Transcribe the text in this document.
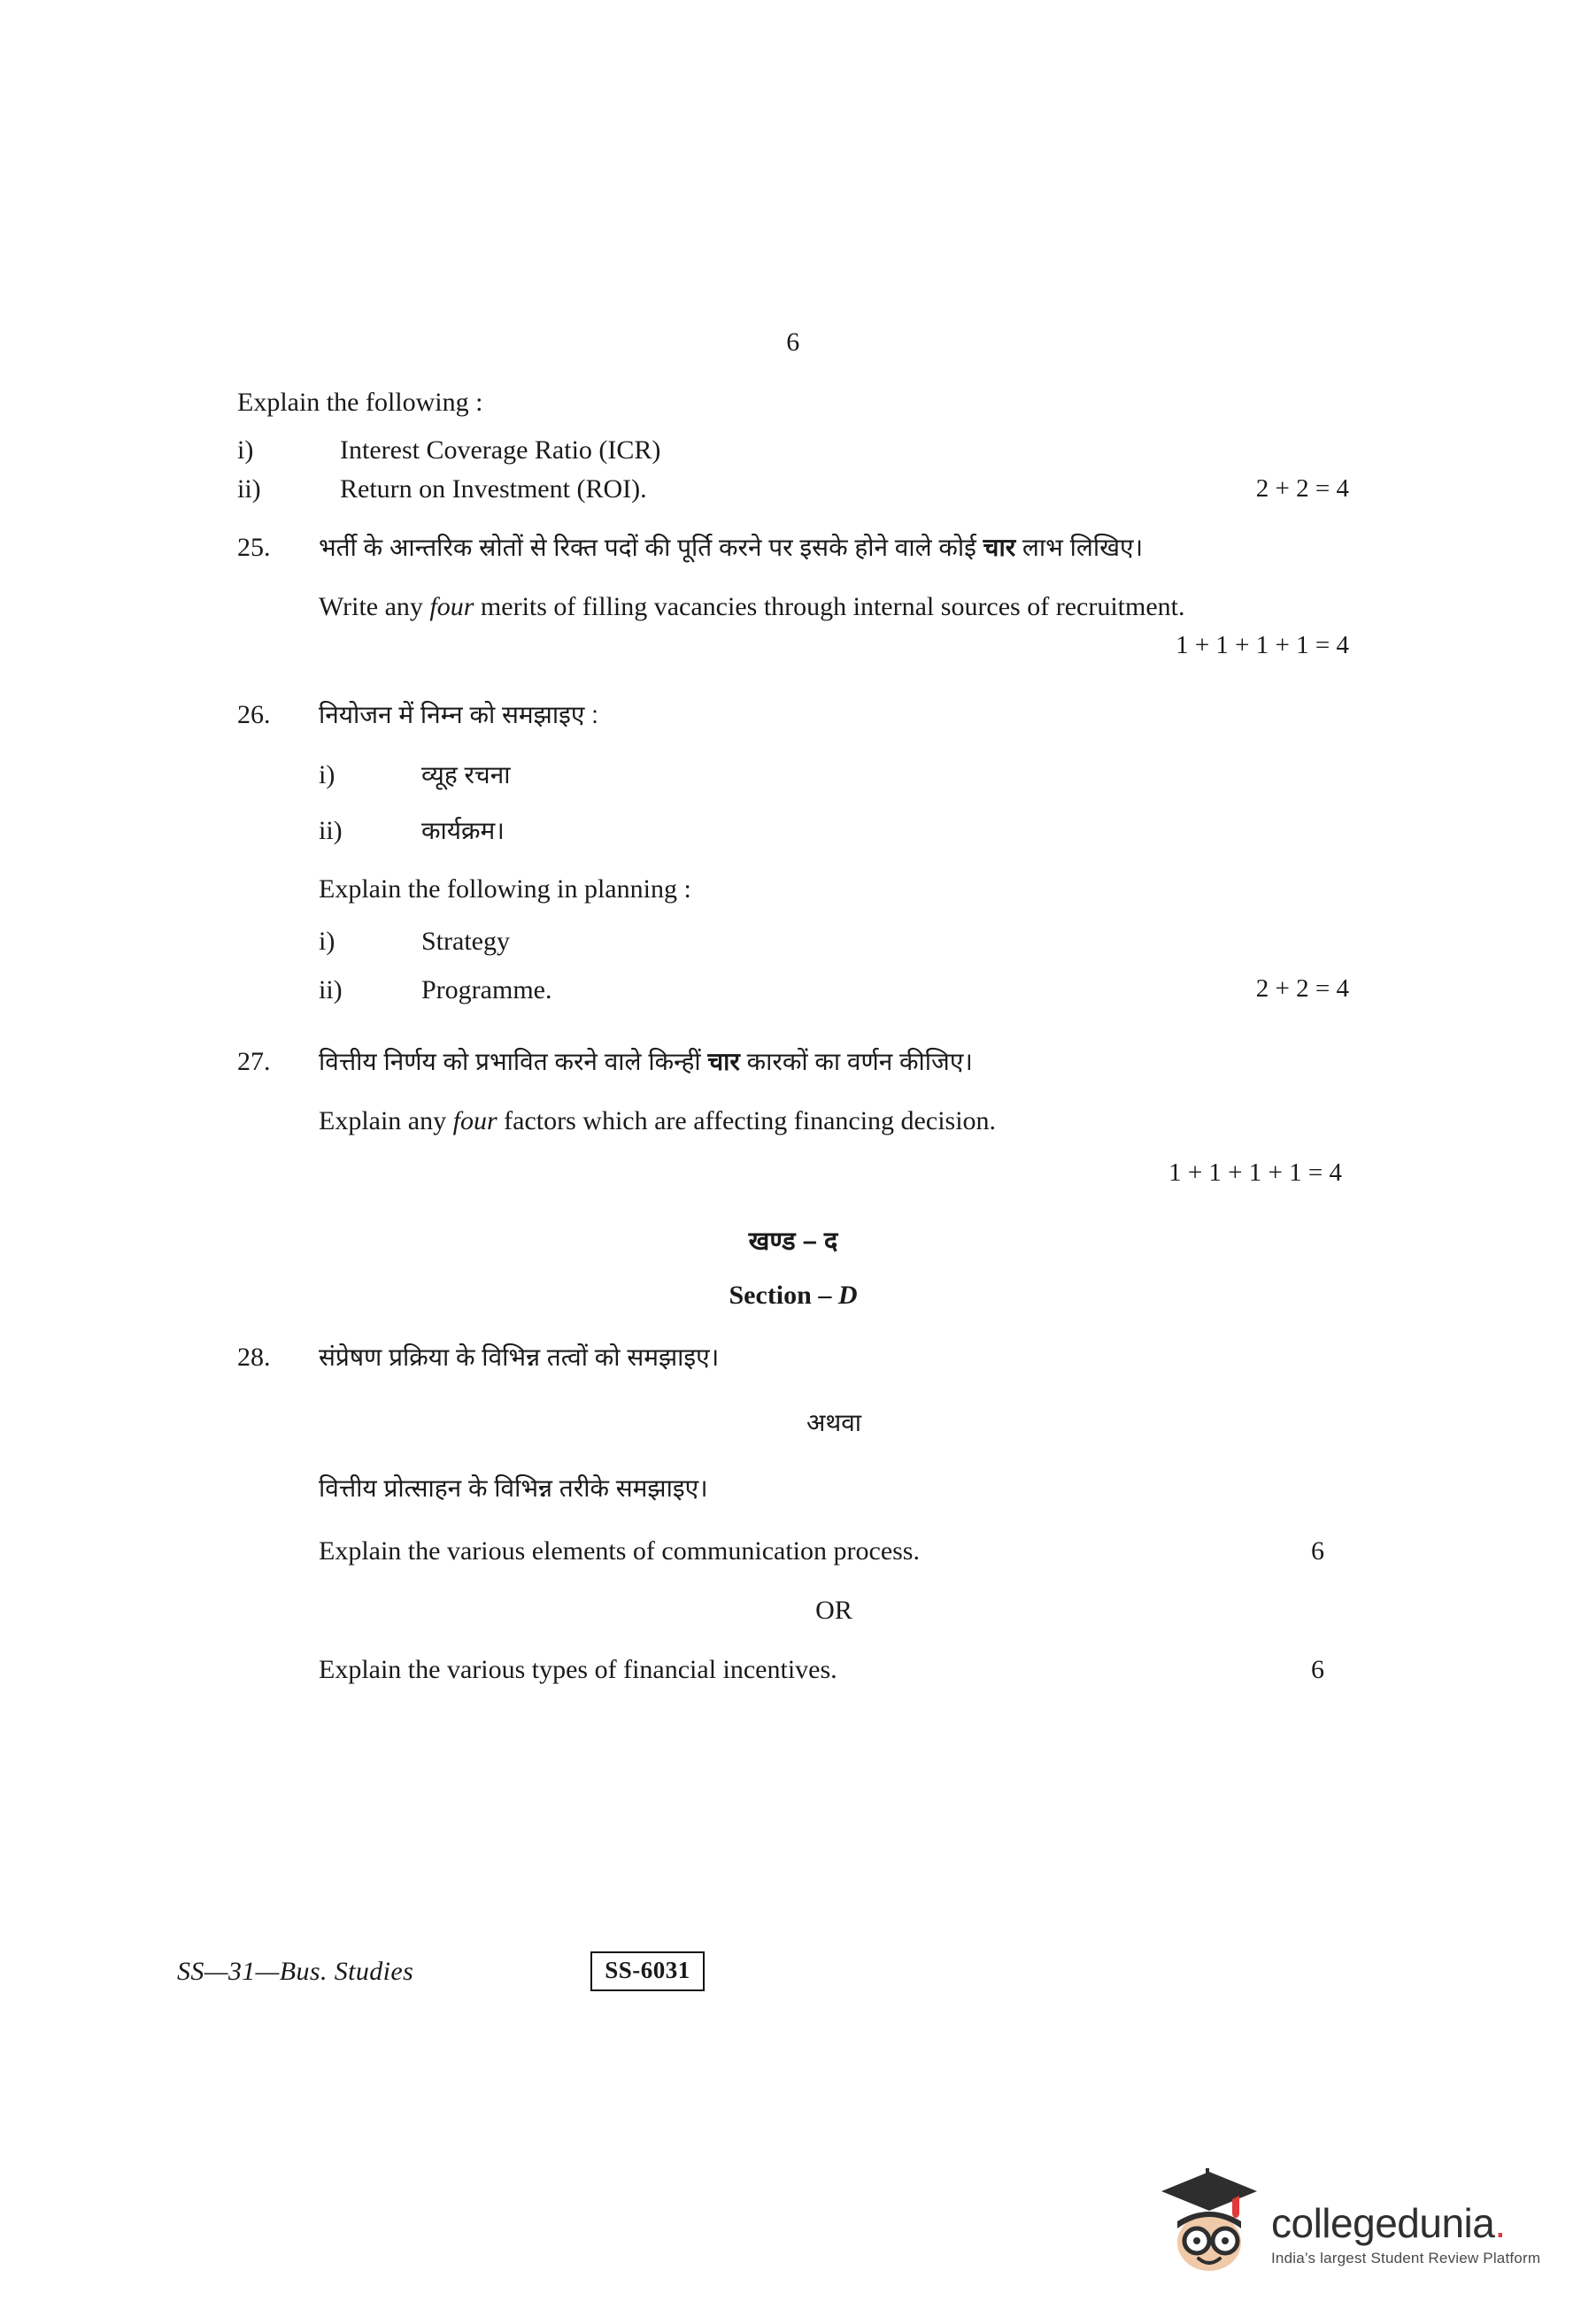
6
Explain the following :
i)	Interest Coverage Ratio (ICR)
ii)	Return on Investment (ROI).	2 + 2 = 4
25.	भर्ती के आन्तरिक स्रोतों से रिक्त पदों की पूर्ति करने पर इसके होने वाले कोई चार लाभ लिखिए।
Write any four merits of filling vacancies through internal sources of recruitment.
1 + 1 + 1 + 1 = 4
26.	नियोजन में निम्न को समझाइए :
i)	व्यूह रचना
ii)	कार्यक्रम।
Explain the following in planning :
i)	Strategy
ii)	Programme.	2 + 2 = 4
27.	वित्तीय निर्णय को प्रभावित करने वाले किन्हीं चार कारकों का वर्णन कीजिए।
Explain any four factors which are affecting financing decision.
1 + 1 + 1 + 1 = 4
खण्ड – द
Section – D
28.	संप्रेषण प्रक्रिया के विभिन्न तत्वों को समझाइए।
अथवा
वित्तीय प्रोत्साहन के विभिन्न तरीके समझाइए।
Explain the various elements of communication process.	6
OR
Explain the various types of financial incentives.	6
SS—31—Bus. Studies	SS-6031
collegedunia.
India’s largest Student Review Platform
